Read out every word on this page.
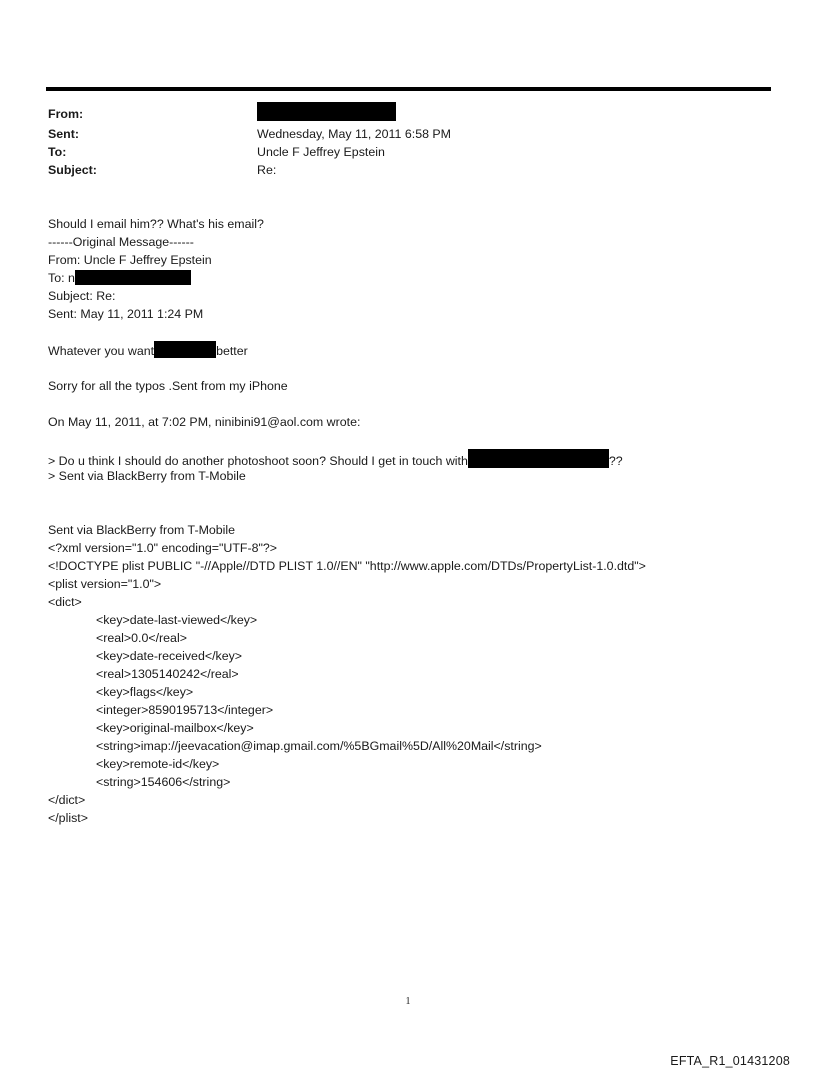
From:
Sent:	Wednesday, May 11, 2011 6:58 PM
To:	Uncle F Jeffrey Epstein
Subject:	Re:
Should I email him?? What's his email?
------Original Message------
From: Uncle F Jeffrey Epstein
To: n
Subject: Re:
Sent: May 11, 2011 1:24 PM
Whatever you want	better
Sorry for all the typos .Sent from my iPhone
On May 11, 2011, at 7:02 PM, ninibini91@aol.com wrote:
> Do u think I should do another photoshoot soon? Should I get in touch with	??
> Sent via BlackBerry from T-Mobile
Sent via BlackBerry from T-Mobile
<?xml version="1.0" encoding="UTF-8"?>
<!DOCTYPE plist PUBLIC "-//Apple//DTD PLIST 1.0//EN" "http://www.apple.com/DTDs/PropertyList-1.0.dtd">
<plist version="1.0">
<dict>
<key>date-last-viewed</key>
<real>0.0</real>
<key>date-received</key>
<real>1305140242</real>
<key>flags</key>
<integer>8590195713</integer>
<key>original-mailbox</key>
<string>imap://jeevacation@imap.gmail.com/%5BGmail%5D/All%20Mail</string>
<key>remote-id</key>
<string>154606</string>
</dict>
</plist>
1
EFTA_R1_01431208
